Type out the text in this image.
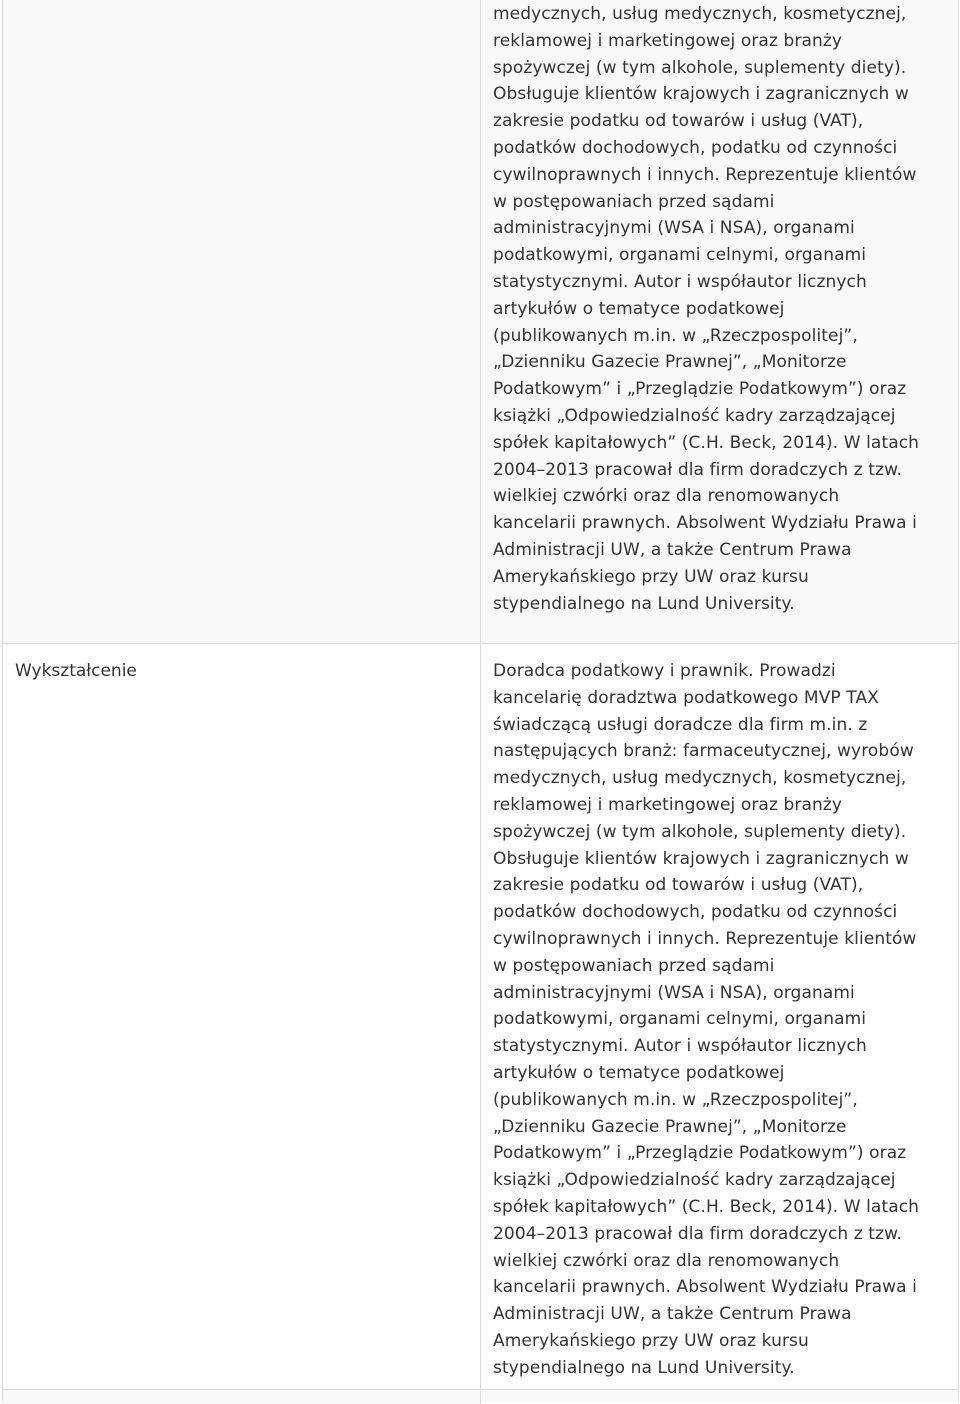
medycznych, usług medycznych, kosmetycznej,
reklamowej i marketingowej oraz branży
spożywczej (w tym alkohole, suplementy diety).
Obsługuje klientów krajowych i zagranicznych w
zakresie podatku od towarów i usług (VAT),
podatków dochodowych, podatku od czynności
cywilnoprawnych i innych. Reprezentuje klientów
w postępowaniach przed sądami
administracyjnymi (WSA i NSA), organami
podatkowymi, organami celnymi, organami
statystycznymi. Autor i współautor licznych
artykułów o tematyce podatkowej
(publikowanych m.in. w „Rzeczpospolitej”,
„Dzienniku Gazecie Prawnej”, „Monitorze
Podatkowym” i „Przeglądzie Podatkowym”) oraz
książki „Odpowiedzialność kadry zarządzającej
spółek kapitałowych” (C.H. Beck, 2014). W latach
2004–2013 pracował dla firm doradczych z tzw.
wielkiej czwórki oraz dla renomowanych
kancelarii prawnych. Absolwent Wydziału Prawa i
Administracji UW, a także Centrum Prawa
Amerykańskiego przy UW oraz kursu
stypendialnego na Lund University.
Wykształcenie	Doradca podatkowy i prawnik. Prowadzi
kancelarię doradztwa podatkowego MVP TAX
świadczącą usługi doradcze dla firm m.in. z
następujących branż: farmaceutycznej, wyrobów
medycznych, usług medycznych, kosmetycznej,
reklamowej i marketingowej oraz branży
spożywczej (w tym alkohole, suplementy diety).
Obsługuje klientów krajowych i zagranicznych w
zakresie podatku od towarów i usług (VAT),
podatków dochodowych, podatku od czynności
cywilnoprawnych i innych. Reprezentuje klientów
w postępowaniach przed sądami
administracyjnymi (WSA i NSA), organami
podatkowymi, organami celnymi, organami
statystycznymi. Autor i współautor licznych
artykułów o tematyce podatkowej
(publikowanych m.in. w „Rzeczpospolitej”,
„Dzienniku Gazecie Prawnej”, „Monitorze
Podatkowym” i „Przeglądzie Podatkowym”) oraz
książki „Odpowiedzialność kadry zarządzającej
spółek kapitałowych” (C.H. Beck, 2014). W latach
2004–2013 pracował dla firm doradczych z tzw.
wielkiej czwórki oraz dla renomowanych
kancelarii prawnych. Absolwent Wydziału Prawa i
Administracji UW, a także Centrum Prawa
Amerykańskiego przy UW oraz kursu
stypendialnego na Lund University.
